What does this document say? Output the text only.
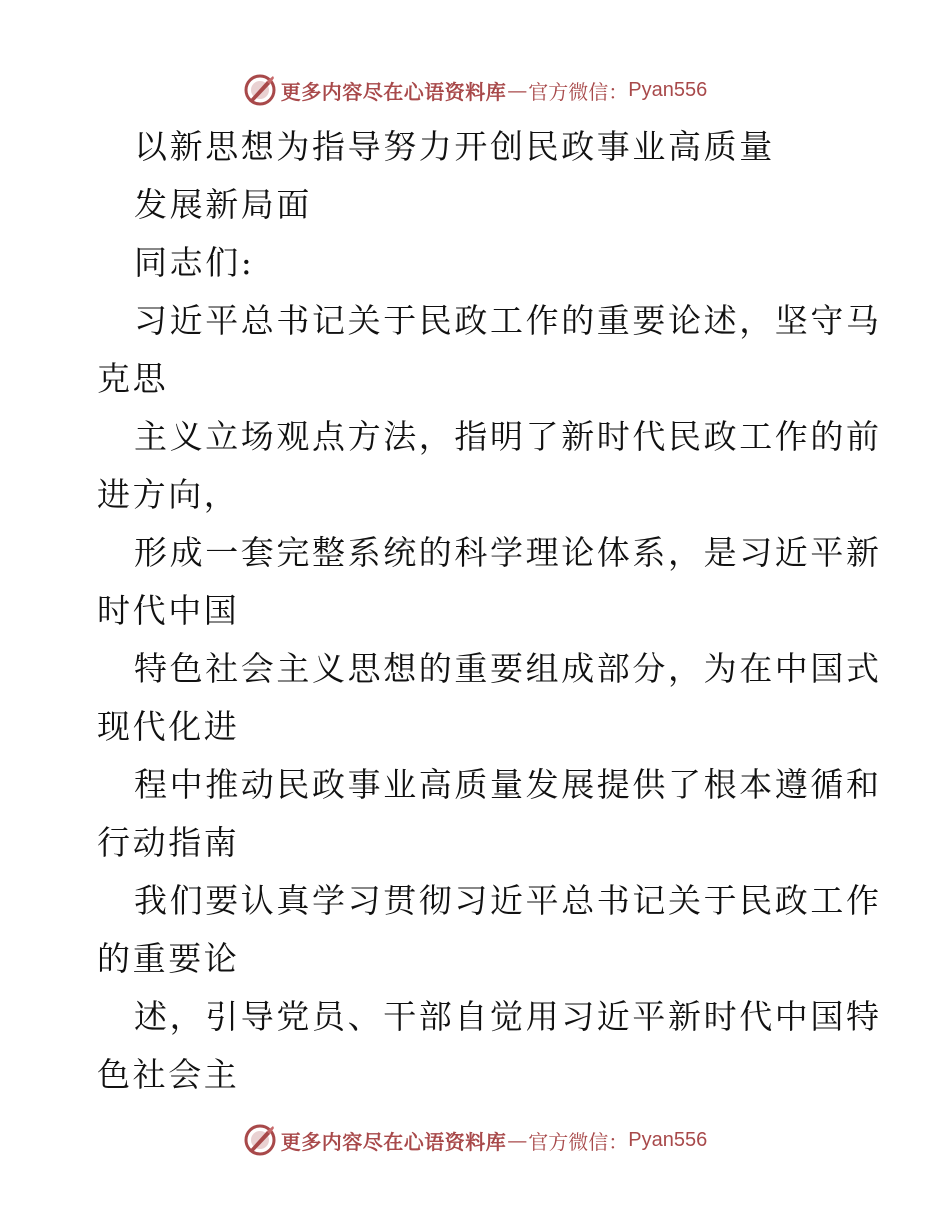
更多内容尽在心语资料库 — 官方微信： Pyan556
以新思想为指导努力开创民政事业高质量
发展新局面
同志们:
习近平总书记关于民政工作的重要论述，坚守马
克思
主义立场观点方法，指明了新时代民政工作的前
进方向，
形成一套完整系统的科学理论体系，是习近平新
时代中国
特色社会主义思想的重要组成部分，为在中国式
现代化进
程中推动民政事业高质量发展提供了根本遵循和
行动指南
我们要认真学习贯彻习近平总书记关于民政工作
的重要论
述，引导党员、干部自觉用习近平新时代中国特
色社会主
更多内容尽在心语资料库 — 官方微信： Pyan556
